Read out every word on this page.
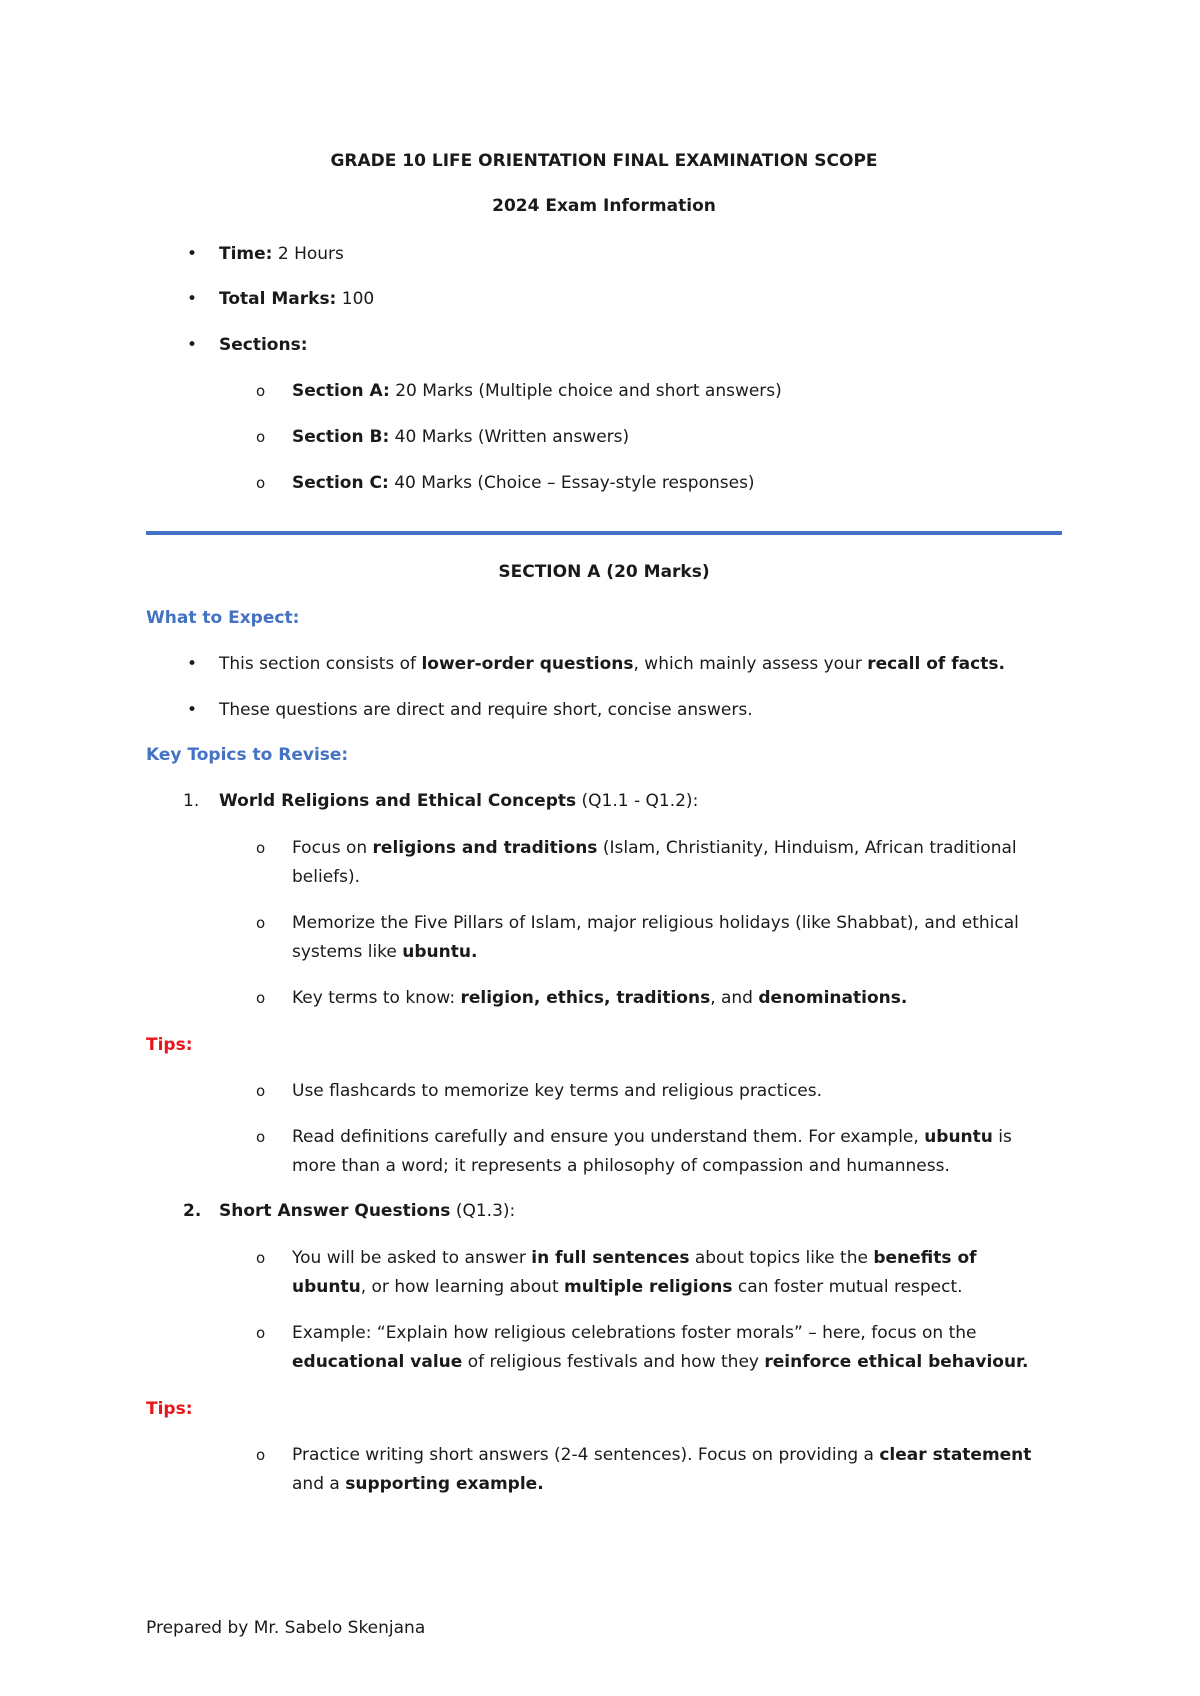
GRADE 10 LIFE ORIENTATION FINAL EXAMINATION SCOPE
2024 Exam Information
• Time: 2 Hours
• Total Marks: 100
• Sections:
o Section A: 20 Marks (Multiple choice and short answers)
o Section B: 40 Marks (Written answers)
o Section C: 40 Marks (Choice – Essay-style responses)
SECTION A (20 Marks)
What to Expect:
• This section consists of lower-order questions, which mainly assess your recall of facts.
• These questions are direct and require short, concise answers.
Key Topics to Revise:
1. World Religions and Ethical Concepts (Q1.1 - Q1.2):
o Focus on religions and traditions (Islam, Christianity, Hinduism, African traditional
beliefs).
o Memorize the Five Pillars of Islam, major religious holidays (like Shabbat), and ethical
systems like ubuntu.
o Key terms to know: religion, ethics, traditions, and denominations.
Tips:
o Use flashcards to memorize key terms and religious practices.
o Read definitions carefully and ensure you understand them. For example, ubuntu is
more than a word; it represents a philosophy of compassion and humanness.
2. Short Answer Questions (Q1.3):
o You will be asked to answer in full sentences about topics like the benefits of
ubuntu, or how learning about multiple religions can foster mutual respect.
o Example: “Explain how religious celebrations foster morals” – here, focus on the
educational value of religious festivals and how they reinforce ethical behaviour.
Tips:
o Practice writing short answers (2-4 sentences). Focus on providing a clear statement
and a supporting example.
Prepared by Mr. Sabelo Skenjana
